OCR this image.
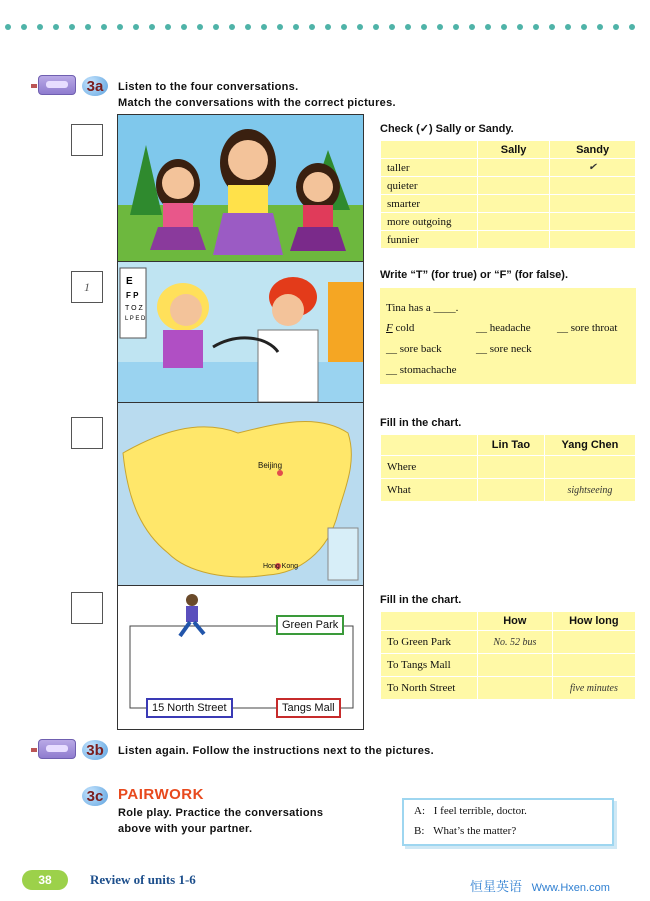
3a	Listen to the four conversations.
Match the conversations with the correct pictures.
1	E
F P
T O Z
L P E D
Beijing
Hong Kong
Green Park
15 North Street	Tangs Mall
Check (✓) Sally or Sandy.
	Sally	Sandy
taller		✔
quieter		
smarter		
more outgoing		
funnier		
Write “T” (for true) or “F” (for false).
Tina has a ____.
F cold	__ headache __ sore throat
__ sore back	__ sore neck
__ stomachache
Fill in the chart.
	Lin Tao	Yang Chen
Where		
What		sightseeing
Fill in the chart.
	How	How long
To Green Park	No. 52 bus	
To Tangs Mall		
To North Street		five minutes
3b	Listen again. Follow the instructions next to the pictures.
3c PAIRWORK
Role play. Practice the conversations
above with your partner.
A: I feel terrible, doctor.
B: What’s the matter?
38	Review of units 1-6	恒星英语 Www.Hxen.com
